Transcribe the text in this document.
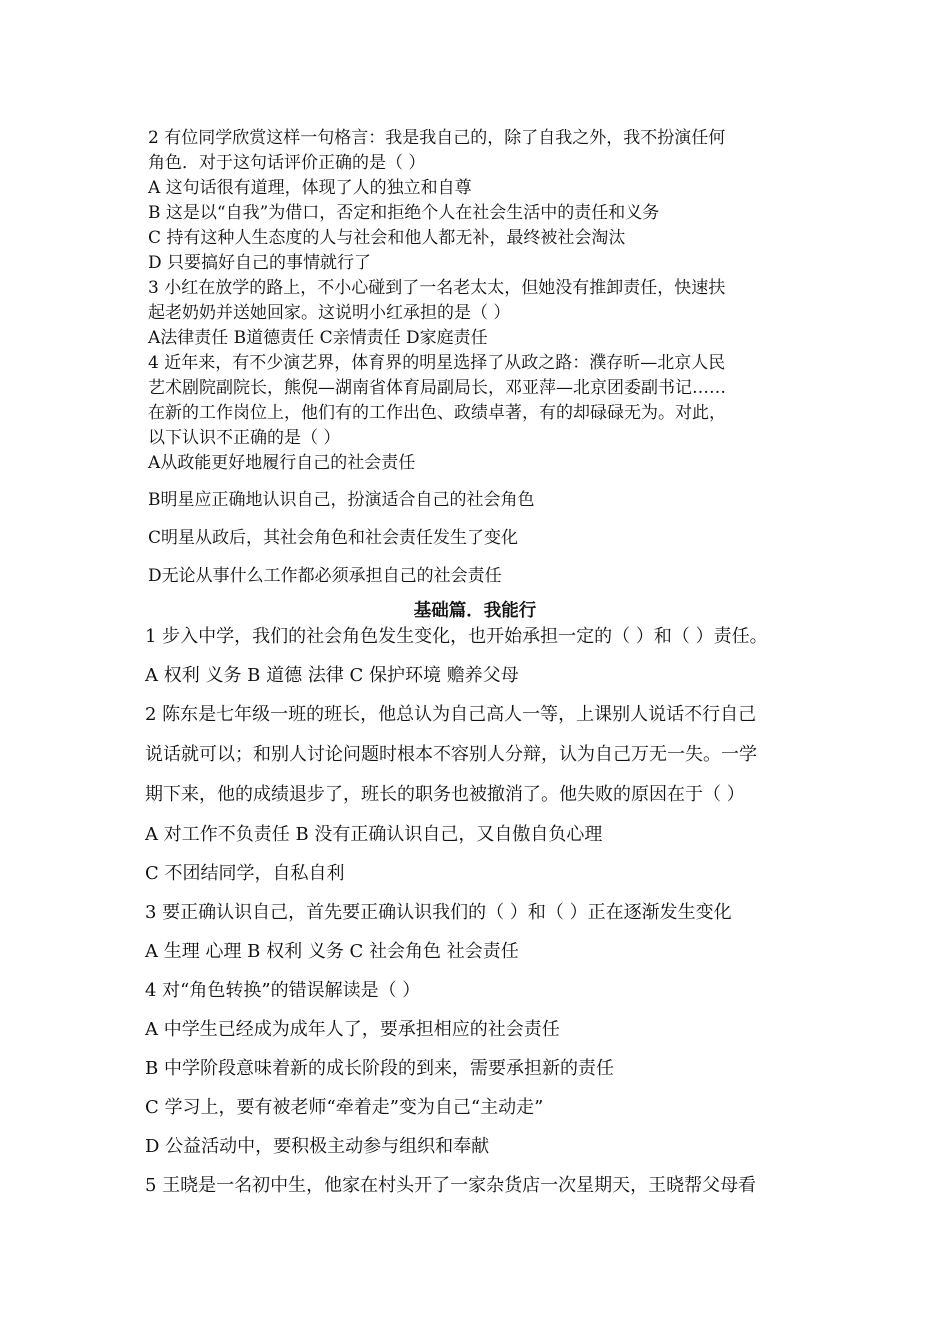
2 有位同学欣赏这样一句格言：我是我自己的，除了自我之外，我不扮演任何
角色．对于这句话评价正确的是（ ）
A 这句话很有道理，体现了人的独立和自尊
B 这是以“自我”为借口，否定和拒绝个人在社会生活中的责任和义务
C 持有这种人生态度的人与社会和他人都无补，最终被社会淘汰
D 只要搞好自己的事情就行了
3 小红在放学的路上，不小心碰到了一名老太太，但她没有推卸责任，快速扶
起老奶奶并送她回家。这说明小红承担的是（ ）
A法律责任 B道德责任 C亲情责任 D家庭责任
4 近年来，有不少演艺界，体育界的明星选择了从政之路：濮存昕—北京人民
艺术剧院副院长，熊倪—湖南省体育局副局长，邓亚萍—北京团委副书记……
在新的工作岗位上，他们有的工作出色、政绩卓著，有的却碌碌无为。对此，
以下认识不正确的是（ ）
A从政能更好地履行自己的社会责任
B明星应正确地认识自己，扮演适合自己的社会角色
C明星从政后，其社会角色和社会责任发生了变化
D无论从事什么工作都必须承担自己的社会责任
基础篇．我能行
1 步入中学，我们的社会角色发生变化，也开始承担一定的（ ）和（ ）责任。
A 权利 义务 B 道德 法律 C 保护环境 赡养父母
2 陈东是七年级一班的班长，他总认为自己高人一等，上课别人说话不行自己
说话就可以；和别人讨论问题时根本不容别人分辩，认为自己万无一失。一学
期下来，他的成绩退步了，班长的职务也被撤消了。他失败的原因在于（ ）
A 对工作不负责任 B 没有正确认识自己，又自傲自负心理
C 不团结同学，自私自利
3 要正确认识自己，首先要正确认识我们的（ ）和（ ）正在逐渐发生变化
A 生理 心理 B 权利 义务 C 社会角色 社会责任
4 对“角色转换”的错误解读是（ ）
A 中学生已经成为成年人了，要承担相应的社会责任
B 中学阶段意味着新的成长阶段的到来，需要承担新的责任
C 学习上，要有被老师“牵着走”变为自己“主动走”
D 公益活动中，要积极主动参与组织和奉献
5 王晓是一名初中生，他家在村头开了一家杂货店一次星期天，王晓帮父母看
